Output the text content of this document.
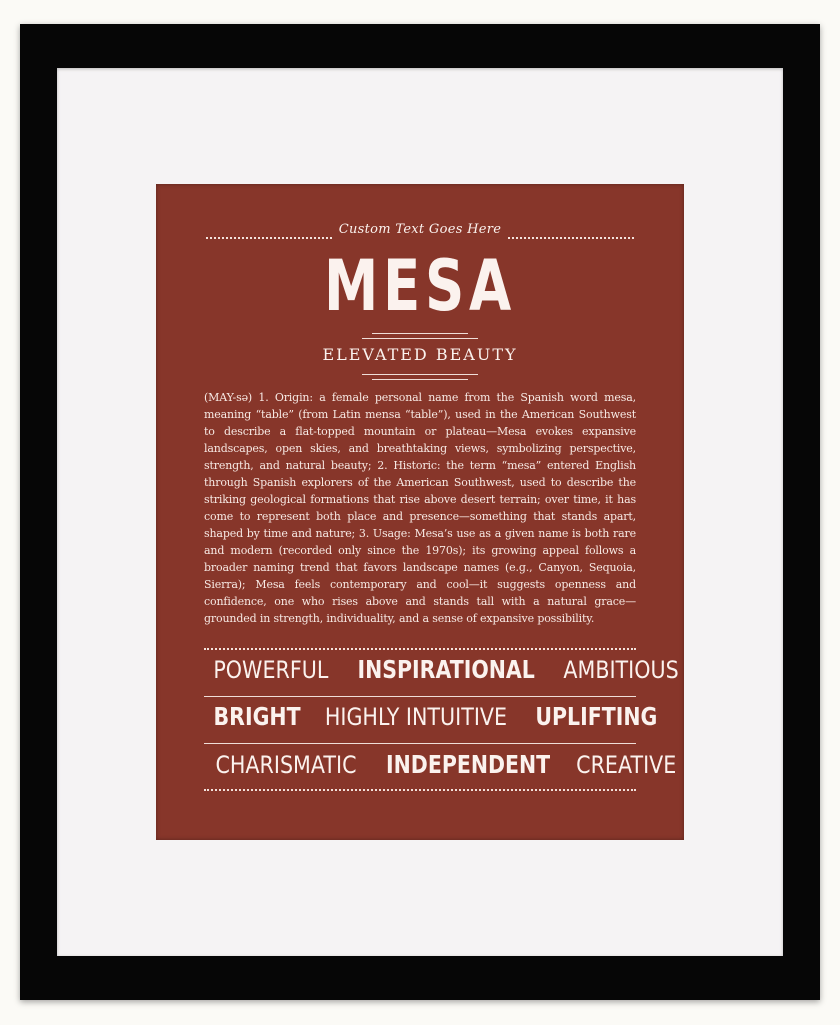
Custom Text Goes Here
MESA
ELEVATED BEAUTY
(MAY-sə) 1. Origin: a female personal name from the Spanish word mesa, meaning “table” (from Latin mensa “table”), used in the American Southwest to describe a flat-topped mountain or plateau—Mesa evokes expansive landscapes, open skies, and breathtaking views, symbolizing perspective, strength, and natural beauty; 2. Historic: the term “mesa” entered English through Spanish explorers of the American Southwest, used to describe the striking geological formations that rise above desert terrain; over time, it has come to represent both place and presence—something that stands apart, shaped by time and nature; 3. Usage: Mesa’s use as a given name is both rare and modern (recorded only since the 1970s); its growing appeal follows a broader naming trend that favors landscape names (e.g., Canyon, Sequoia, Sierra); Mesa feels contemporary and cool—it suggests openness and confidence, one who rises above and stands tall with a natural grace—grounded in strength, individuality, and a sense of expansive possibility.
POWERFUL INSPIRATIONAL AMBITIOUS
BRIGHT HIGHLY INTUITIVE UPLIFTING
CHARISMATIC INDEPENDENT CREATIVE
